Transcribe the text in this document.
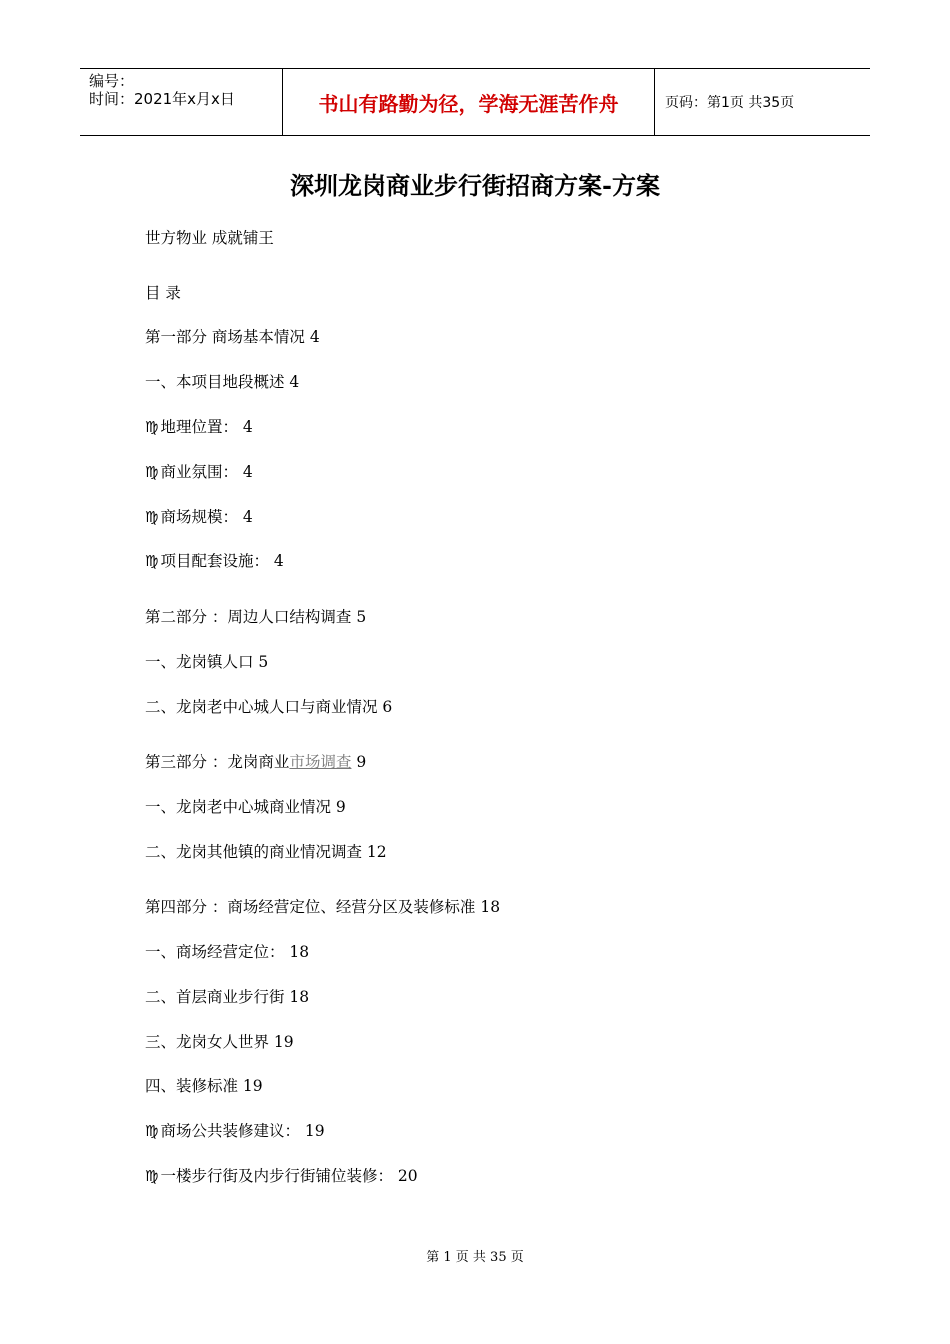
编号：
时间：2021年x月x日	书山有路勤为径，学海无涯苦作舟	页码：第1页 共35页
深圳龙岗商业步行街招商方案-方案
世方物业 成就铺王
目 录
第一部分 商场基本情况 4
一、本项目地段概述 4
♍ 地理位置： 4
♍ 商业氛围： 4
♍ 商场规模： 4
♍ 项目配套设施： 4
第二部分 ：周边人口结构调查 5
一、龙岗镇人口 5
二、龙岗老中心城人口与商业情况 6
第三部分 ：龙岗商业市场调查 9
一、龙岗老中心城商业情况 9
二、龙岗其他镇的商业情况调查 12
第四部分 ：商场经营定位、经营分区及装修标准 18
一、商场经营定位： 18
二、首层商业步行街 18
三、龙岗女人世界 19
四、装修标准 19
♍ 商场公共装修建议： 19
♍ 一楼步行街及内步行街铺位装修： 20
第 1 页 共 35 页
